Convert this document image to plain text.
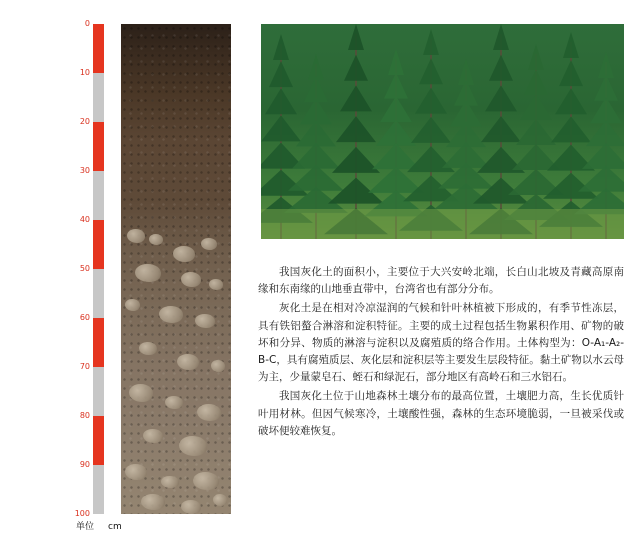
0
10
20
30
40
50
60
70
80
90
100
单位 cm

我国灰化土的面积小，主要位于大兴安岭北端，长白山北坡及青藏高原南缘和东南缘的山地垂直带中，台湾省也有部分分布。

灰化土是在相对冷凉湿润的气候和针叶林植被下形成的，有季节性冻层，具有铁铝螯合淋溶和淀积特征。主要的成土过程包括生物累积作用、矿物的破坏和分异、物质的淋溶与淀积以及腐殖质的络合作用。土体构型为：O-A₁-A₂-B-C，具有腐殖质层、灰化层和淀积层等主要发生层段特征。黏土矿物以水云母为主，少量蒙皂石、蛭石和绿泥石，部分地区有高岭石和三水铝石。

我国灰化土位于山地森林土壤分布的最高位置，土壤肥力高，生长优质针叶用材林。但因气候寒冷，土壤酸性强，森林的生态环境脆弱，一旦被采伐或破坏便较难恢复。
